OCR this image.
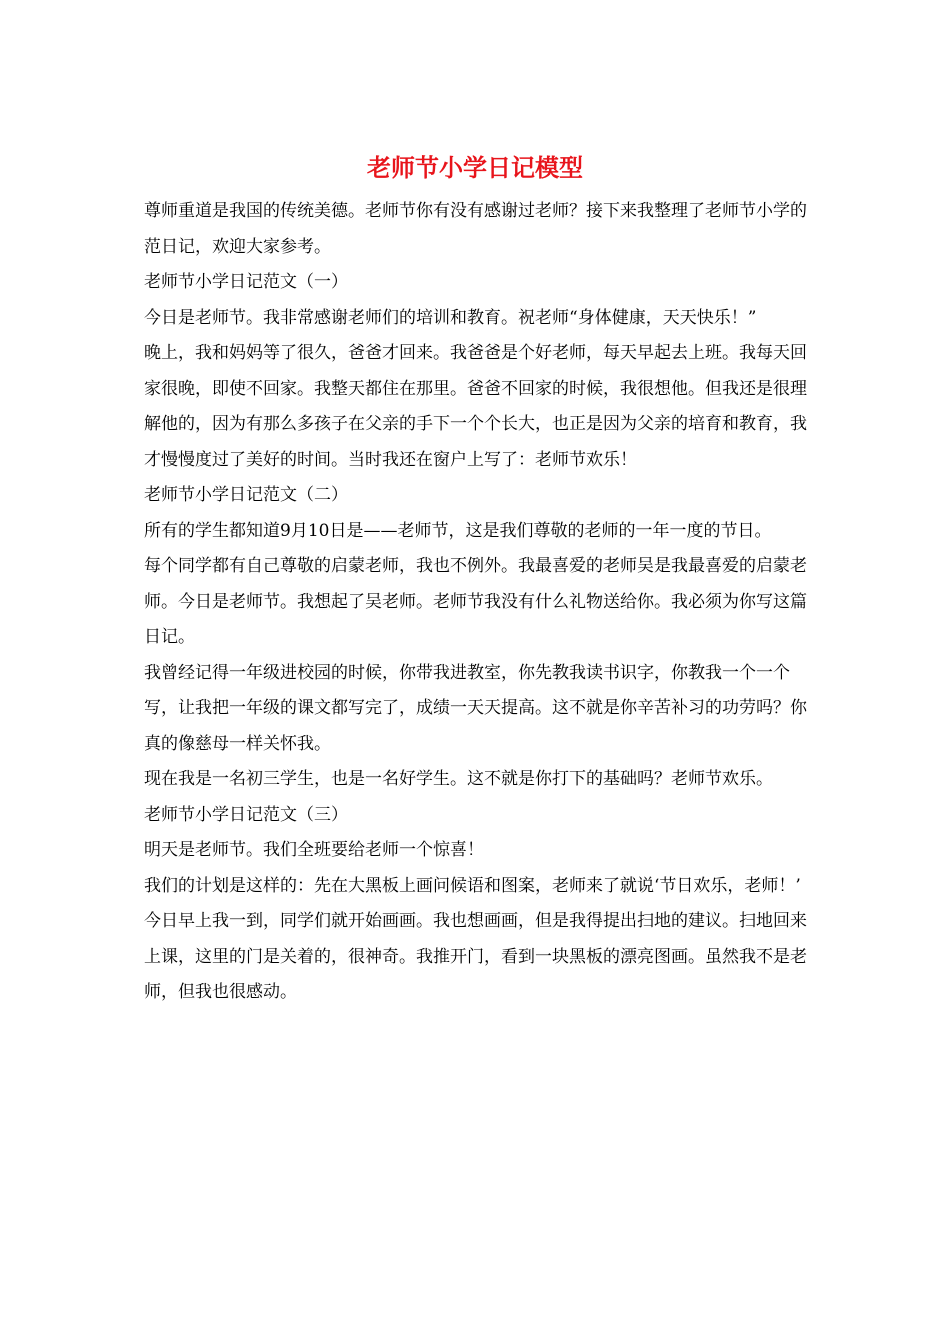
老师节小学日记模型

尊师重道是我国的传统美德。老师节你有没有感谢过老师？接下来我整理了老师节小学的范日记，欢迎大家参考。

老师节小学日记范文（一）

今日是老师节。我非常感谢老师们的培训和教育。祝老师“身体健康，天天快乐！”

晚上，我和妈妈等了很久，爸爸才回来。我爸爸是个好老师，每天早起去上班。我每天回家很晚，即使不回家。我整天都住在那里。爸爸不回家的时候，我很想他。但我还是很理解他的，因为有那么多孩子在父亲的手下一个个长大，也正是因为父亲的培育和教育，我才慢慢度过了美好的时间。当时我还在窗户上写了：老师节欢乐！

老师节小学日记范文（二）

所有的学生都知道9月10日是——老师节，这是我们尊敬的老师的一年一度的节日。

每个同学都有自己尊敬的启蒙老师，我也不例外。我最喜爱的老师吴是我最喜爱的启蒙老师。今日是老师节。我想起了吴老师。老师节我没有什么礼物送给你。我必须为你写这篇日记。

我曾经记得一年级进校园的时候，你带我进教室，你先教我读书识字，你教我一个一个写，让我把一年级的课文都写完了，成绩一天天提高。这不就是你辛苦补习的功劳吗？你真的像慈母一样关怀我。

现在我是一名初三学生，也是一名好学生。这不就是你打下的基础吗？老师节欢乐。

老师节小学日记范文（三）

明天是老师节。我们全班要给老师一个惊喜！

我们的计划是这样的：先在大黑板上画问候语和图案，老师来了就说‘节日欢乐，老师！’

今日早上我一到，同学们就开始画画。我也想画画，但是我得提出扫地的建议。扫地回来上课，这里的门是关着的，很神奇。我推开门，看到一块黑板的漂亮图画。虽然我不是老师，但我也很感动。
